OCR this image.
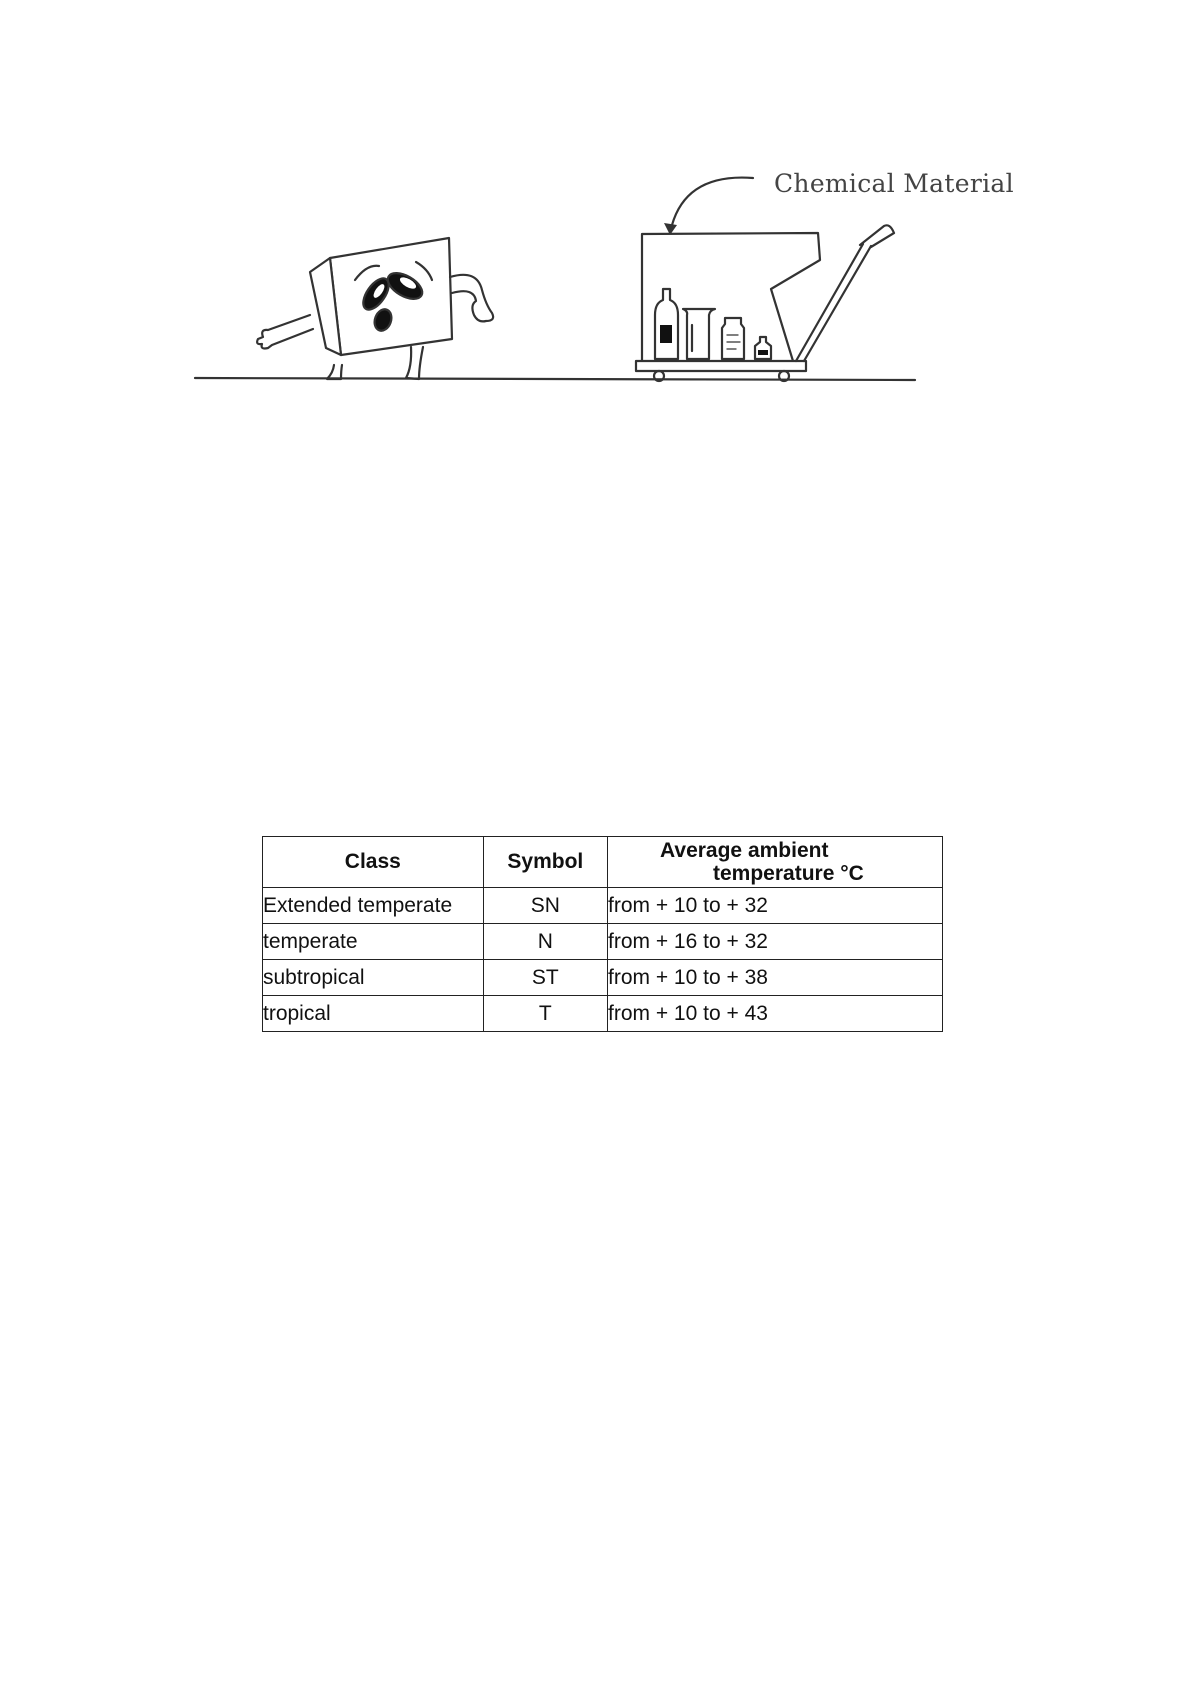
Chemical Material
Class	Symbol	Average ambient
temperature °C

Extended temperate	SN	from + 10 to + 32
temperate	N	from + 16 to + 32
subtropical	ST	from + 10 to + 38
tropical	T	from + 10 to + 43
